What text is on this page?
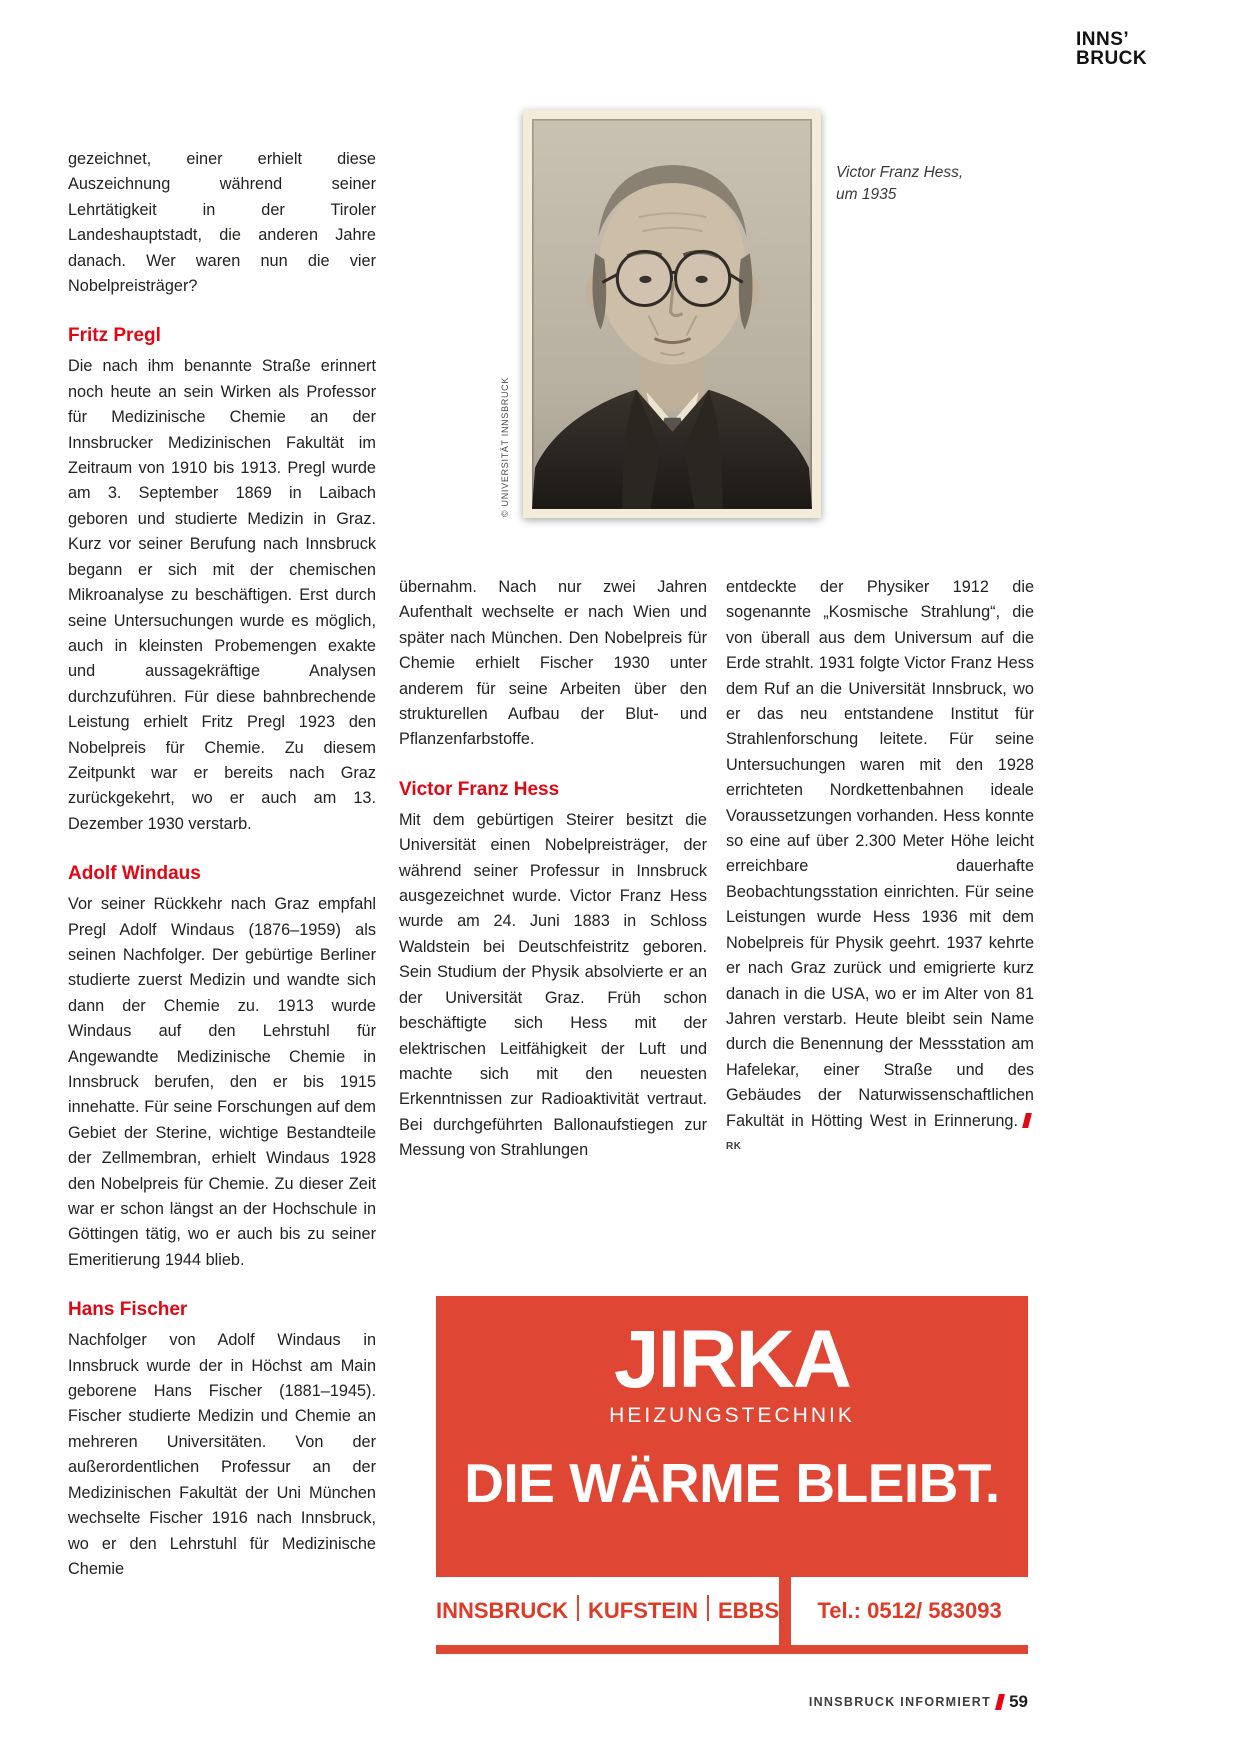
INNS’
BRUCK
© UNIVERSITÄT INNSBRUCK
Victor Franz Hess,
um 1935

gezeichnet, einer erhielt diese Auszeichnung während seiner Lehrtätigkeit in der Tiroler Landeshauptstadt, die anderen Jahre danach. Wer waren nun die vier Nobelpreisträger?

Fritz Pregl

Die nach ihm benannte Straße erinnert noch heute an sein Wirken als Professor für Medizinische Chemie an der Innsbrucker Medizinischen Fakultät im Zeitraum von 1910 bis 1913. Pregl wurde am 3. September 1869 in Laibach geboren und studierte Medizin in Graz. Kurz vor seiner Berufung nach Innsbruck begann er sich mit der chemischen Mikroanalyse zu beschäftigen. Erst durch seine Untersuchungen wurde es möglich, auch in kleinsten Probemengen exakte und aussagekräftige Analysen durchzuführen. Für diese bahnbrechende Leistung erhielt Fritz Pregl 1923 den Nobelpreis für Chemie. Zu diesem Zeitpunkt war er bereits nach Graz zurückgekehrt, wo er auch am 13. Dezember 1930 verstarb.

Adolf Windaus

Vor seiner Rückkehr nach Graz empfahl Pregl Adolf Windaus (1876–1959) als seinen Nachfolger. Der gebürtige Berliner studierte zuerst Medizin und wandte sich dann der Chemie zu. 1913 wurde Windaus auf den Lehrstuhl für Angewandte Medizinische Chemie in Innsbruck berufen, den er bis 1915 innehatte. Für seine Forschungen auf dem Gebiet der Sterine, wichtige Bestandteile der Zellmembran, erhielt Windaus 1928 den Nobelpreis für Chemie. Zu dieser Zeit war er schon längst an der Hochschule in Göttingen tätig, wo er auch bis zu seiner Emeritierung 1944 blieb.

Hans Fischer

Nachfolger von Adolf Windaus in Innsbruck wurde der in Höchst am Main geborene Hans Fischer (1881–1945). Fischer studierte Medizin und Chemie an mehreren Universitäten. Von der außerordentlichen Professur an der Medizinischen Fakultät der Uni München wechselte Fischer 1916 nach Innsbruck, wo er den Lehrstuhl für Medizinische Chemie

übernahm. Nach nur zwei Jahren Aufenthalt wechselte er nach Wien und später nach München. Den Nobelpreis für Chemie erhielt Fischer 1930 unter anderem für seine Arbeiten über den strukturellen Aufbau der Blut- und Pflanzenfarbstoffe.

Victor Franz Hess

Mit dem gebürtigen Steirer besitzt die Universität einen Nobelpreisträger, der während seiner Professur in Innsbruck ausgezeichnet wurde. Victor Franz Hess wurde am 24. Juni 1883 in Schloss Waldstein bei Deutschfeistritz geboren. Sein Studium der Physik absolvierte er an der Universität Graz. Früh schon beschäftigte sich Hess mit der elektrischen Leitfähigkeit der Luft und machte sich mit den neuesten Erkenntnissen zur Radioaktivität vertraut. Bei durchgeführten Ballonaufstiegen zur Messung von Strahlungen

entdeckte der Physiker 1912 die sogenannte „Kosmische Strahlung“, die von überall aus dem Universum auf die Erde strahlt. 1931 folgte Victor Franz Hess dem Ruf an die Universität Innsbruck, wo er das neu entstandene Institut für Strahlenforschung leitete. Für seine Untersuchungen waren mit den 1928 errichteten Nordkettenbahnen ideale Voraussetzungen vorhanden. Hess konnte so eine auf über 2.300 Meter Höhe leicht erreichbare dauerhafte Beobachtungsstation einrichten. Für seine Leistungen wurde Hess 1936 mit dem Nobelpreis für Physik geehrt. 1937 kehrte er nach Graz zurück und emigrierte kurz danach in die USA, wo er im Alter von 81 Jahren verstarb. Heute bleibt sein Name durch die Benennung der Messstation am Hafelekar, einer Straße und des Gebäudes der Naturwissenschaftlichen Fakultät in Hötting West in Erinnerung.$^{RK}$

JIRKA
HEIZUNGSTECHNIK
DIE WÄRME BLEIBT.
INNSBRUCK KUFSTEIN EBBS Tel.: 0512/ 583093
INNSBRUCK INFORMIERT 59
